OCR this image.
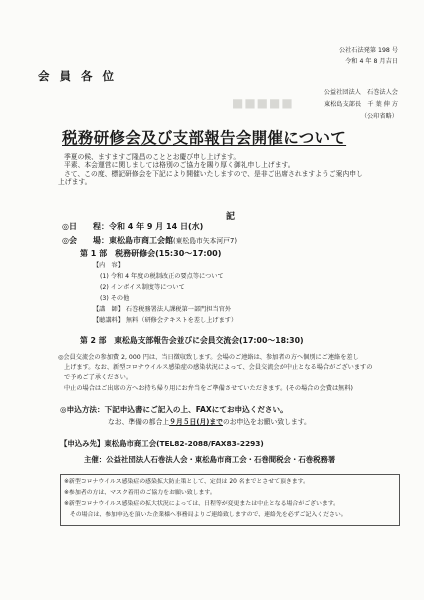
公社石法発第 198 号
令和 4 年 8 月吉日
会 員 各 位
公益社団法人　石巻法人会
東松島支部長　千 葉 伸 方
（公印省略）
■■■■■
税務研修会及び支部報告会開催について
季夏の候、ますますご隆昌のこととお慶び申し上げます。
平素、本会運営に関しましては格別のご協力を賜り厚く御礼申し上げます。
さて、この度、標記研修会を下記により開催いたしますので、是非ご出席されますようご案内申し
上げます。
記
◎日　　程：令和 4 年 9 月 14 日(水)
◎会　　場：東松島市商工会館(東松島市矢本河戸7)
第 1 部　税務研修会(15:30～17:00)
【内　容】
(1) 令和 4 年度の税制改正の要点等について
(2) インボイス制度等について
(3) その他
【講　師】 石巻税務署法人課税第一部門担当官外
【聴講料】 無料（研修会テキストを差し上げます）
第 2 部　東松島支部報告会並びに会員交流会(17:00～18:30)
◎会員交流会の参加費 2, 000 円は、当日徴収致します。会場のご連絡は、参加者の方へ個別にご連絡を差し
上げます。なお、新型コロナウイルス感染症の感染状況によって、会員交流会が中止となる場合がございますの
で予めご了承ください。
中止の場合はご出席の方へお持ち帰り用にお弁当をご準備させていただきます。(その場合の会費は無料)
◎申込方法：下記申込書にご記入の上、FAXにてお申込ください。
なお、準備の都合上９月５日(月)までのお申込をお願い致します。
【申込み先】東松島市商工会(TEL82-2088/FAX83-2293)
主催：公益社団法人石巻法人会・東松島市商工会・石巻間税会・石巻税務署
※新型コロナウイルス感染症の感染拡大防止策として、定員は 20 名までとさせて頂きます。
※参加者の方は、マスク着用のご協力をお願い致します。
※新型コロナウイルス感染症の拡大状況によっては、日程等が変更または中止となる場合がございます。
　その場合は、参加申込を頂いた企業様へ事務局よりご連絡致しますので、連絡先を必ずご記入ください。
